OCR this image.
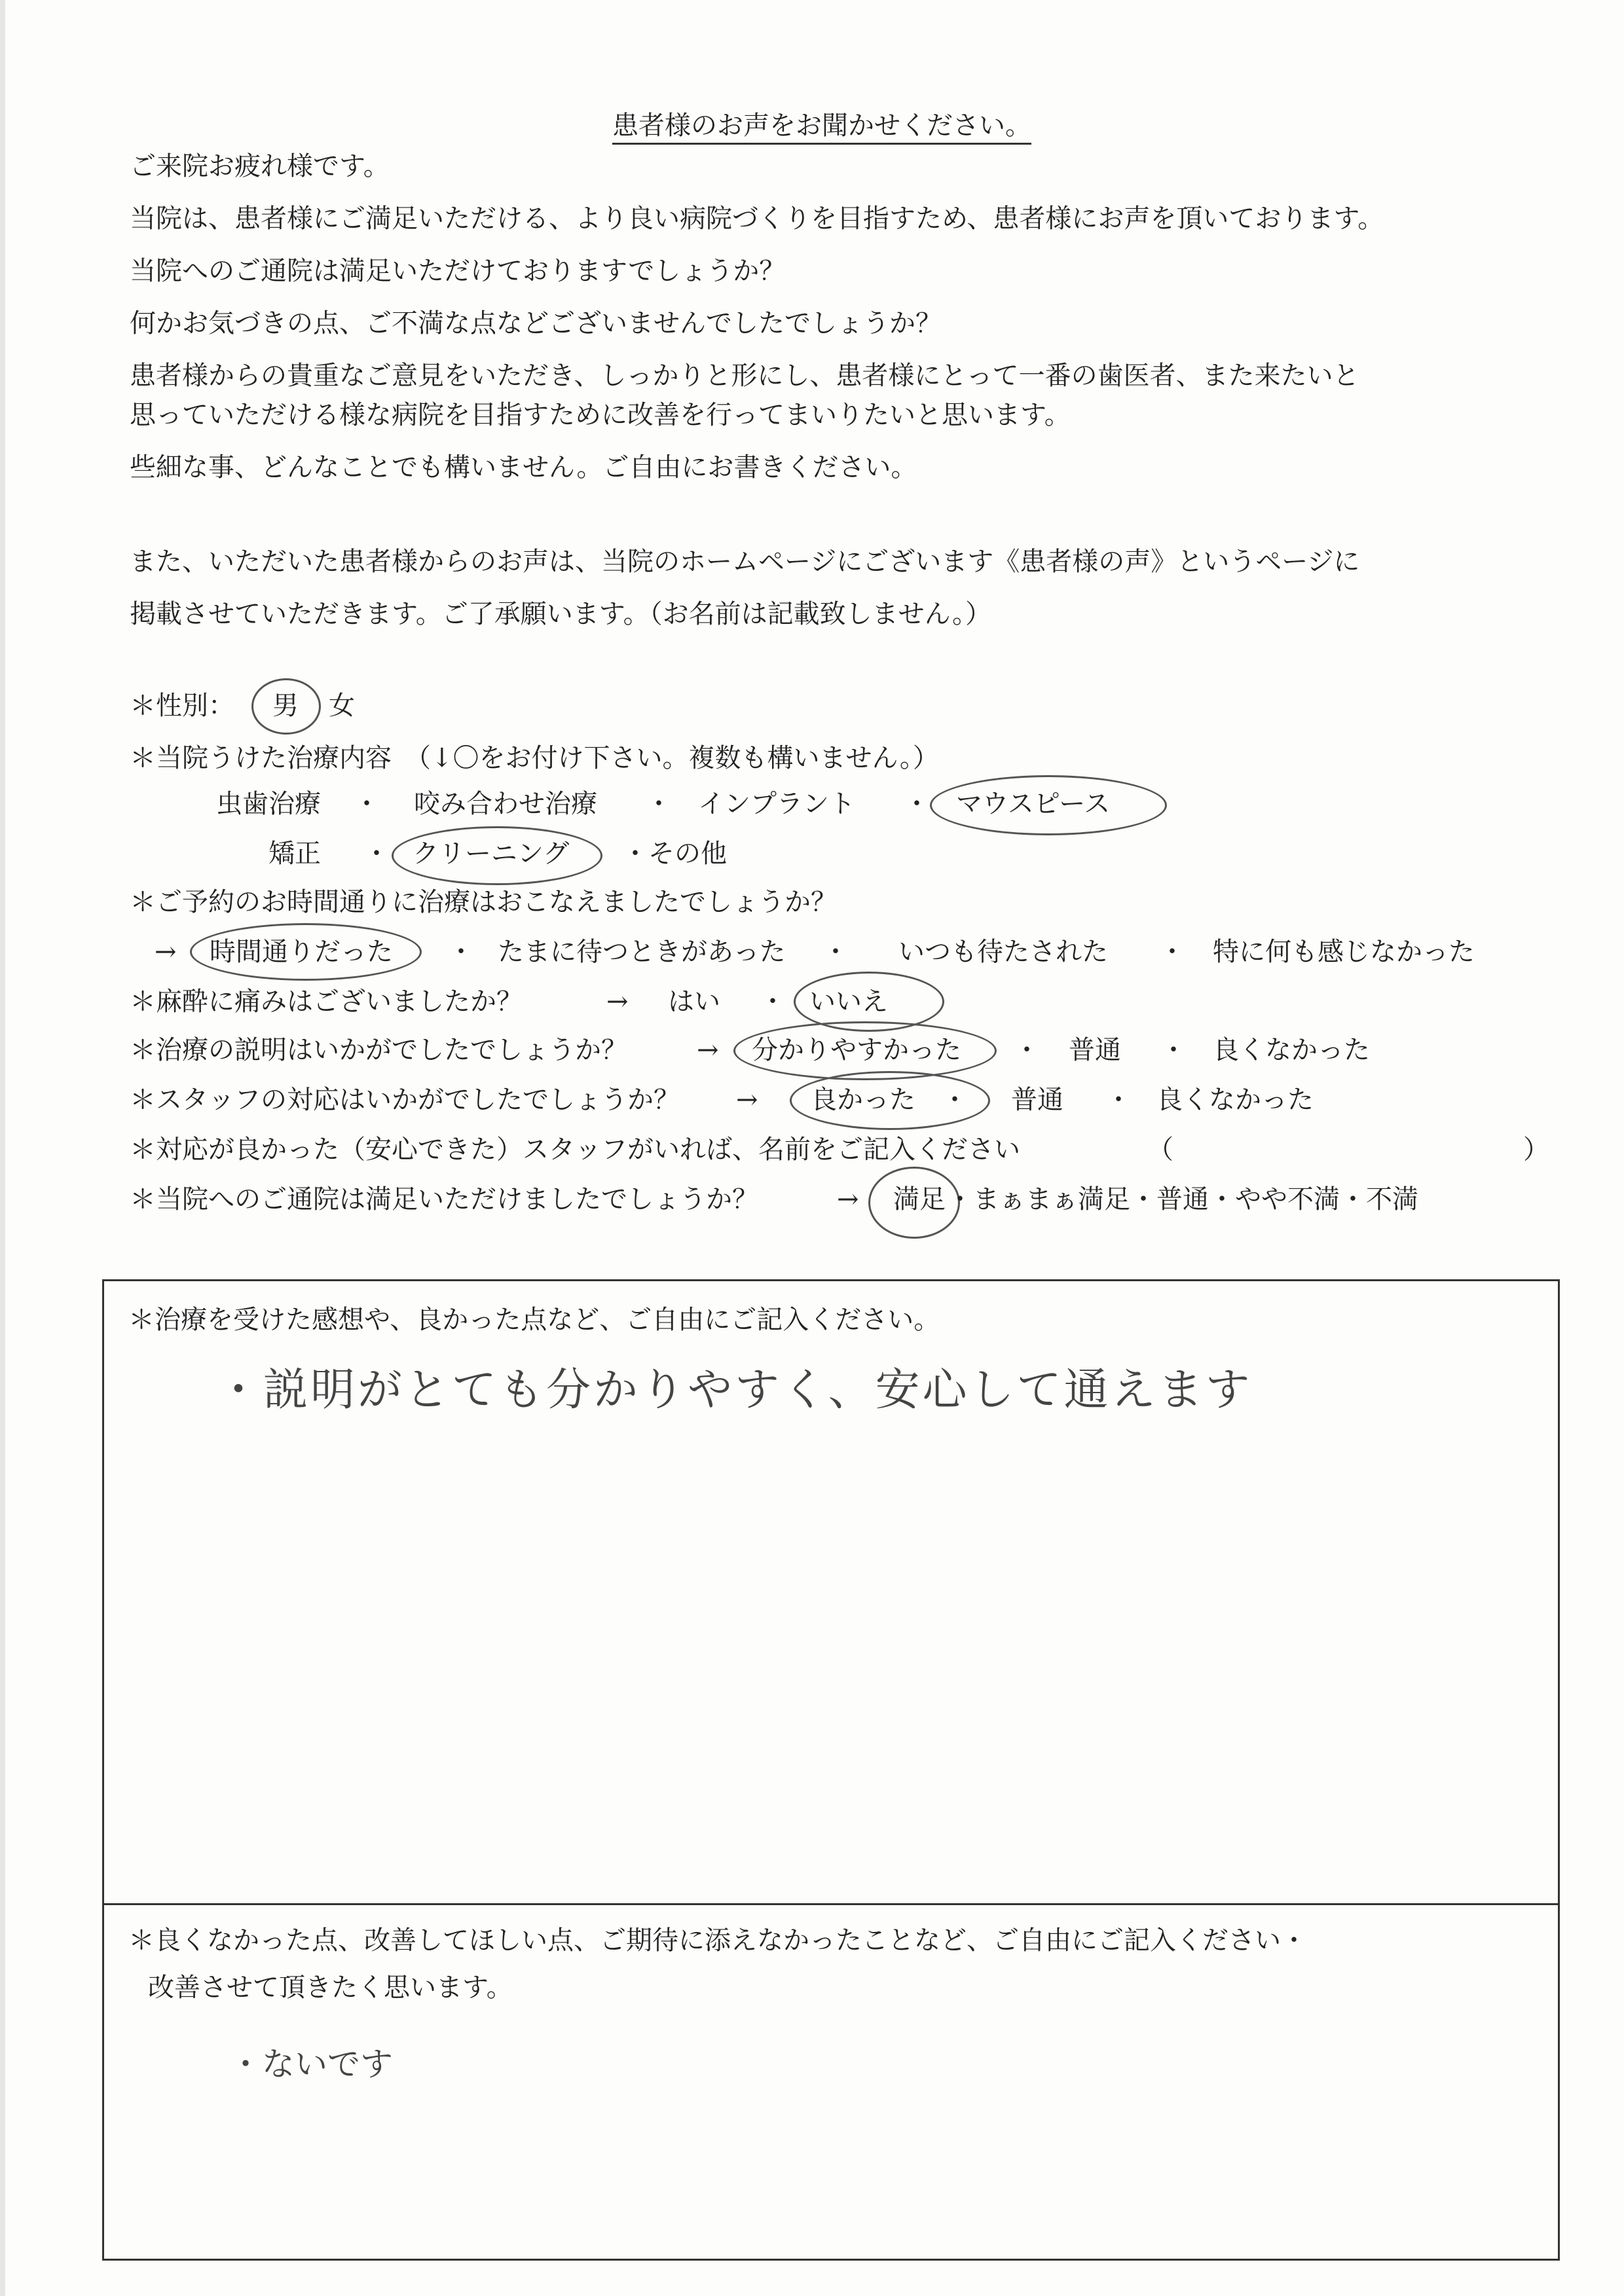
患者様のお声をお聞かせください。
ご来院お疲れ様です。
当院は、患者様にご満足いただける、より良い病院づくりを目指すため、患者様にお声を頂いております。
当院へのご通院は満足いただけておりますでしょうか？
何かお気づきの点、ご不満な点などございませんでしたでしょうか？
患者様からの貴重なご意見をいただき、しっかりと形にし、患者様にとって一番の歯医者、また来たいと
思っていただける様な病院を目指すために改善を行ってまいりたいと思います。
些細な事、どんなことでも構いません。ご自由にお書きください。
また、いただいた患者様からのお声は、当院のホームページにございます《患者様の声》というページに
掲載させていただきます。ご了承願います。（お名前は記載致しません。）
＊性別： 男 女
＊当院うけた治療内容　（↓〇をお付け下さい。複数も構いません。）
虫歯治療 ・ 咬み合わせ治療 ・ インプラント ・ マウスピース
矯正 ・ クリーニング ・その他
＊ご予約のお時間通りに治療はおこなえましたでしょうか？
→ 時間通りだった ・ たまに待つときがあった ・ いつも待たされた ・ 特に何も感じなかった
＊麻酔に痛みはございましたか？	→ はい ・ いいえ
＊治療の説明はいかがでしたでしょうか？	→ 分かりやすかった ・ 普通 ・ 良くなかった
＊スタッフの対応はいかがでしたでしょうか？ → 良かった ・ 普通 ・ 良くなかった
＊対応が良かった（安心できた）スタッフがいれば、名前をご記入ください	（	）
＊当院へのご通院は満足いただけましたでしょうか？	→ 満足 ・まぁまぁ満足・普通・やや不満・不満
＊治療を受けた感想や、良かった点など、ご自由にご記入ください。
・説明がとても分かりやすく、安心して通えます
＊良くなかった点、改善してほしい点、ご期待に添えなかったことなど、ご自由にご記入ください・
改善させて頂きたく思います。
・ないです
